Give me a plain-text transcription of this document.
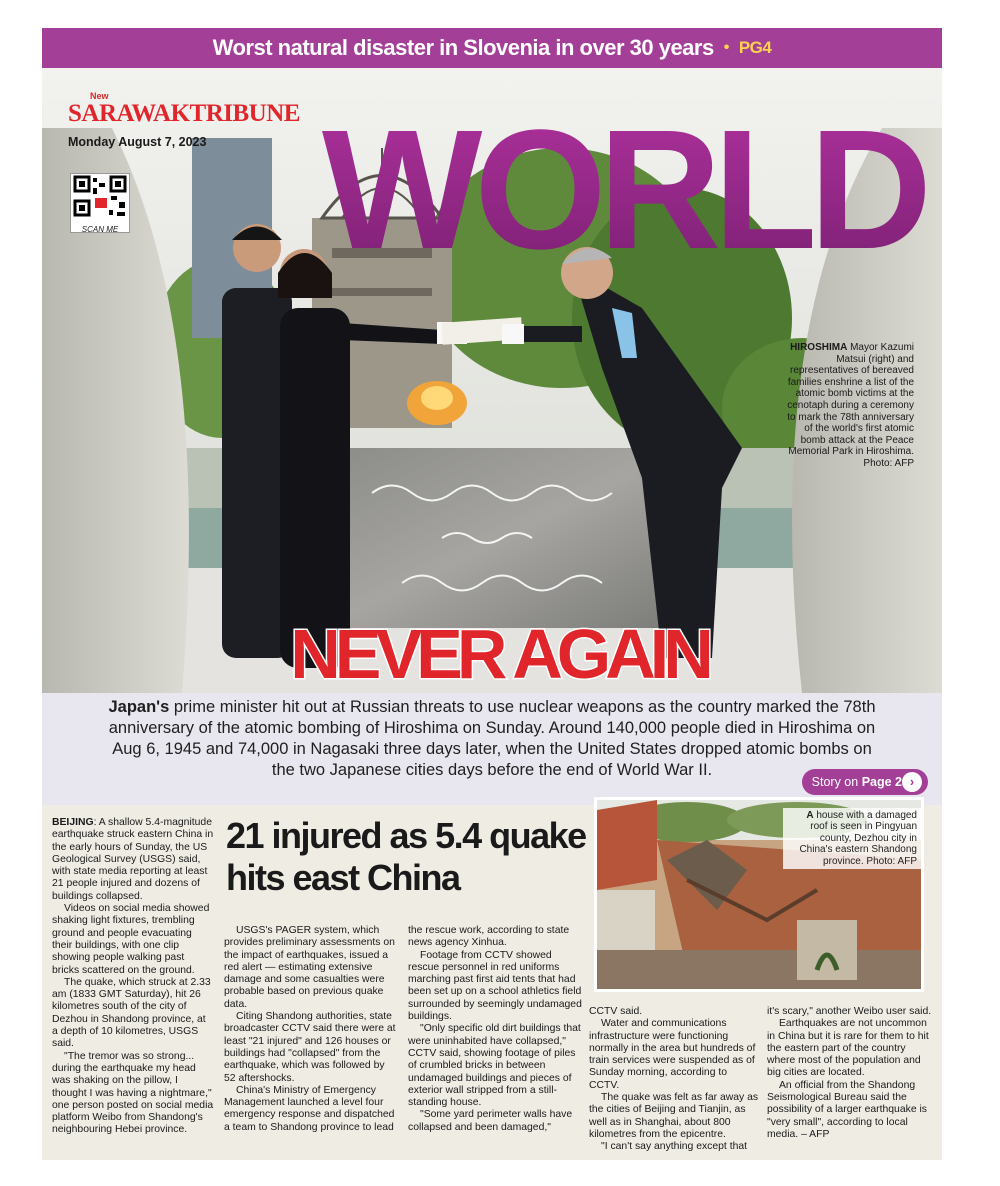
Worst natural disaster in Slovenia in over 30 years • PG4
WORLD
NEVER AGAIN
New
SARAWAKTRIBUNE
Monday August 7, 2023
SCAN ME
HIROSHIMA Mayor Kazumi Matsui (right) and representatives of bereaved families enshrine a list of the atomic bomb victims at the cenotaph during a ceremony to mark the 78th anniversary of the world's first atomic bomb attack at the Peace Memorial Park in Hiroshima. Photo: AFP

Japan's prime minister hit out at Russian threats to use nuclear weapons as the country marked the 78th anniversary of the atomic bombing of Hiroshima on Sunday. Around 140,000 people died in Hiroshima on Aug 6, 1945 and 74,000 in Nagasaki three days later, when the United States dropped atomic bombs on the two Japanese cities days before the end of World War II.

Story on Page 2 ›

BEIJING: A shallow 5.4-magnitude earthquake struck eastern China in the early hours of Sunday, the US Geological Survey (USGS) said, with state media reporting at least 21 people injured and dozens of buildings collapsed.

Videos on social media showed shaking light fixtures, trembling ground and people evacuating their buildings, with one clip showing people walking past bricks scattered on the ground.

The quake, which struck at 2.33 am (1833 GMT Saturday), hit 26 kilometres south of the city of Dezhou in Shandong province, at a depth of 10 kilometres, USGS said.

"The tremor was so strong... during the earthquake my head was shaking on the pillow, I thought I was having a nightmare," one person posted on social media platform Weibo from Shandong's neighbouring Hebei province.

21 injured as 5.4 quake hits east China

USGS's PAGER system, which provides preliminary assessments on the impact of earthquakes, issued a red alert — estimating extensive damage and some casualties were probable based on previous quake data.

Citing Shandong authorities, state broadcaster CCTV said there were at least "21 injured" and 126 houses or buildings had "collapsed" from the earthquake, which was followed by 52 aftershocks.

China's Ministry of Emergency Management launched a level four emergency response and dispatched a team to Shandong province to lead

the rescue work, according to state news agency Xinhua.

Footage from CCTV showed rescue personnel in red uniforms marching past first aid tents that had been set up on a school athletics field surrounded by seemingly undamaged buildings.

"Only specific old dirt buildings that were uninhabited have collapsed," CCTV said, showing footage of piles of crumbled bricks in between undamaged buildings and pieces of exterior wall stripped from a still-standing house.

"Some yard perimeter walls have collapsed and been damaged,"

A house with a damaged roof is seen in Pingyuan county, Dezhou city in China's eastern Shandong province. Photo: AFP

CCTV said.

Water and communications infrastructure were functioning normally in the area but hundreds of train services were suspended as of Sunday morning, according to CCTV.

The quake was felt as far away as the cities of Beijing and Tianjin, as well as in Shanghai, about 800 kilometres from the epicentre.

"I can't say anything except that

it's scary," another Weibo user said.

Earthquakes are not uncommon in China but it is rare for them to hit the eastern part of the country where most of the population and big cities are located.

An official from the Shandong Seismological Bureau said the possibility of a larger earthquake is "very small", according to local media. – AFP
